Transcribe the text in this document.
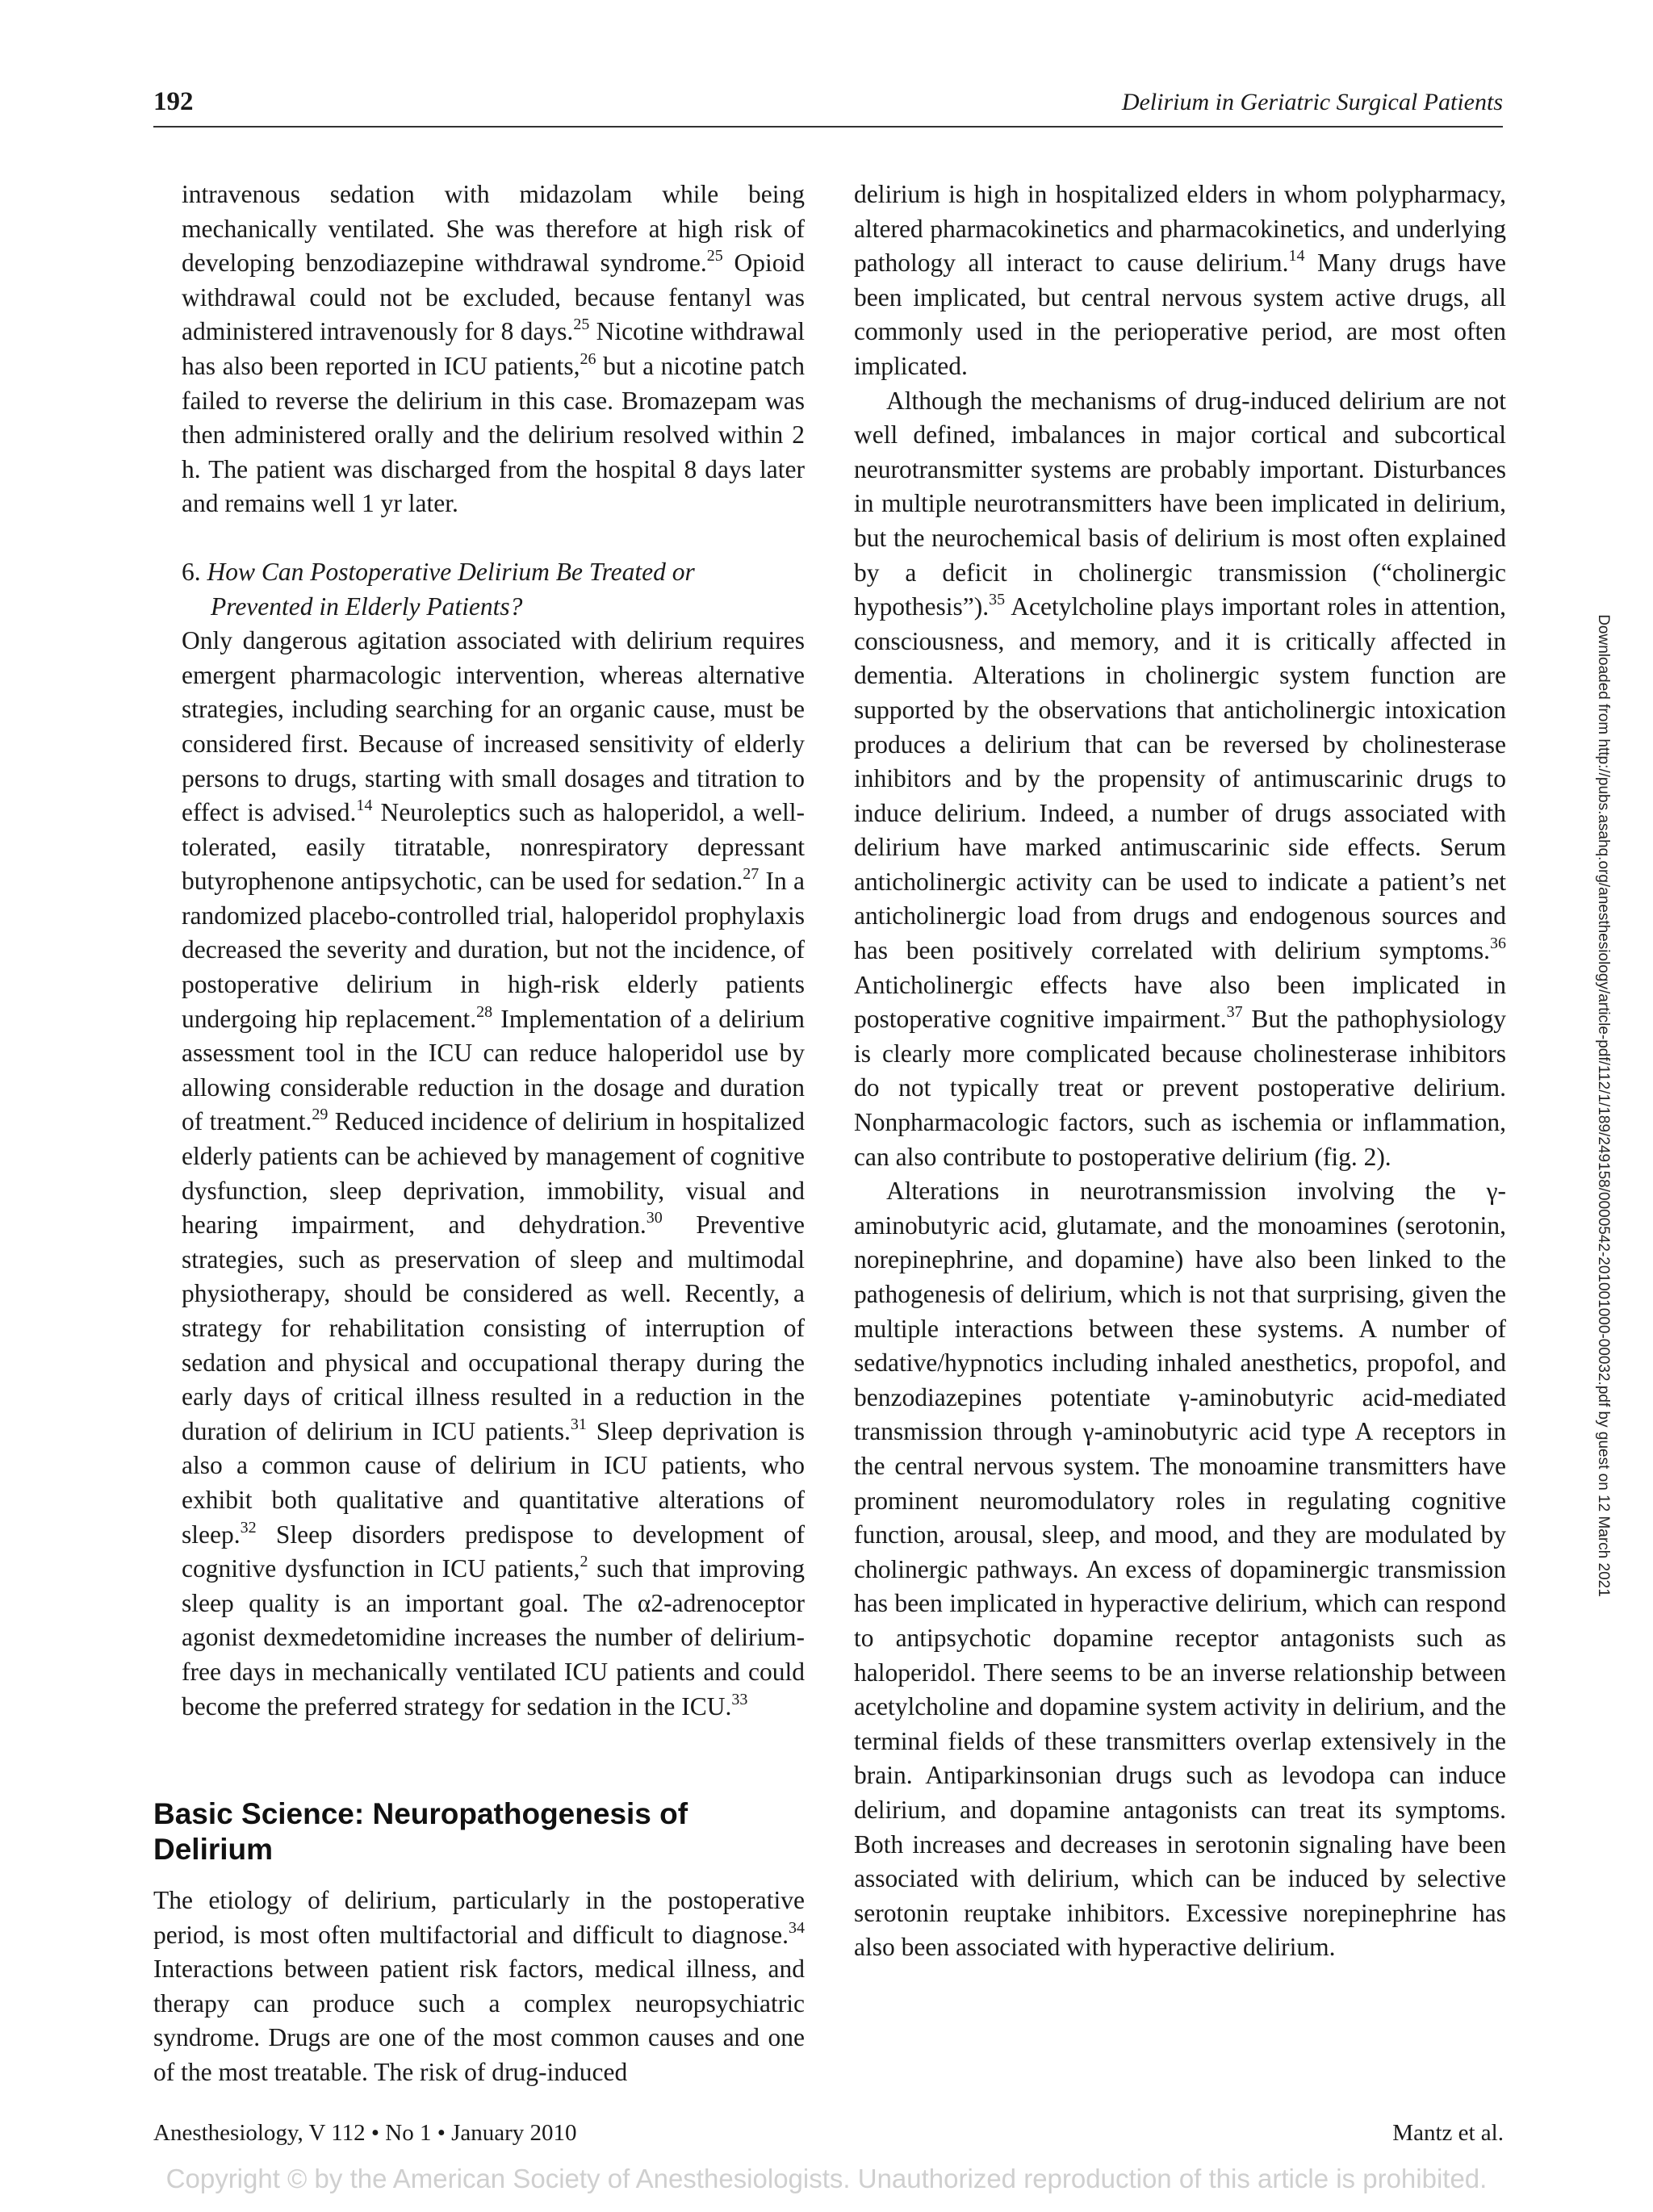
192	Delirium in Geriatric Surgical Patients

intravenous sedation with midazolam while being mechanically ventilated. She was therefore at high risk of developing benzodiazepine withdrawal syndrome.$^{25}$ Opioid withdrawal could not be excluded, because fentanyl was administered intravenously for 8 days.$^{25}$ Nicotine withdrawal has also been reported in ICU patients,$^{26}$ but a nicotine patch failed to reverse the delirium in this case. Bromazepam was then administered orally and the delirium resolved within 2 h. The patient was discharged from the hospital 8 days later and remains well 1 yr later.

6. How Can Postoperative Delirium Be Treated or
Prevented in Elderly Patients?

Only dangerous agitation associated with delirium requires emergent pharmacologic intervention, whereas alternative strategies, including searching for an organic cause, must be considered first. Because of increased sensitivity of elderly persons to drugs, starting with small dosages and titration to effect is advised.$^{14}$ Neuroleptics such as haloperidol, a well-tolerated, easily titratable, nonrespiratory depressant butyrophenone antipsychotic, can be used for sedation.$^{27}$ In a randomized placebo-controlled trial, haloperidol prophylaxis decreased the severity and duration, but not the incidence, of postoperative delirium in high-risk elderly patients undergoing hip replacement.$^{28}$ Implementation of a delirium assessment tool in the ICU can reduce haloperidol use by allowing considerable reduction in the dosage and duration of treatment.$^{29}$ Reduced incidence of delirium in hospitalized elderly patients can be achieved by management of cognitive dysfunction, sleep deprivation, immobility, visual and hearing impairment, and dehydration.$^{30}$ Preventive strategies, such as preservation of sleep and multimodal physiotherapy, should be considered as well. Recently, a strategy for rehabilitation consisting of interruption of sedation and physical and occupational therapy during the early days of critical illness resulted in a reduction in the duration of delirium in ICU patients.$^{31}$ Sleep deprivation is also a common cause of delirium in ICU patients, who exhibit both qualitative and quantitative alterations of sleep.$^{32}$ Sleep disorders predispose to development of cognitive dysfunction in ICU patients,$^2$ such that improving sleep quality is an important goal. The α2-adrenoceptor agonist dexmedetomidine increases the number of delirium-free days in mechanically ventilated ICU patients and could become the preferred strategy for sedation in the ICU.$^{33}$

Basic Science: Neuropathogenesis of Delirium

The etiology of delirium, particularly in the postoperative period, is most often multifactorial and difficult to diagnose.$^{34}$ Interactions between patient risk factors, medical illness, and therapy can produce such a complex neuropsychiatric syndrome. Drugs are one of the most common causes and one of the most treatable. The risk of drug-induced

delirium is high in hospitalized elders in whom polypharmacy, altered pharmacokinetics and pharmacokinetics, and underlying pathology all interact to cause delirium.$^{14}$ Many drugs have been implicated, but central nervous system active drugs, all commonly used in the perioperative period, are most often implicated.

Although the mechanisms of drug-induced delirium are not well defined, imbalances in major cortical and subcortical neurotransmitter systems are probably important. Disturbances in multiple neurotransmitters have been implicated in delirium, but the neurochemical basis of delirium is most often explained by a deficit in cholinergic transmission (“cholinergic hypothesis”).$^{35}$ Acetylcholine plays important roles in attention, consciousness, and memory, and it is critically affected in dementia. Alterations in cholinergic system function are supported by the observations that anticholinergic intoxication produces a delirium that can be reversed by cholinesterase inhibitors and by the propensity of antimuscarinic drugs to induce delirium. Indeed, a number of drugs associated with delirium have marked antimuscarinic side effects. Serum anticholinergic activity can be used to indicate a patient’s net anticholinergic load from drugs and endogenous sources and has been positively correlated with delirium symptoms.$^{36}$ Anticholinergic effects have also been implicated in postoperative cognitive impairment.$^{37}$ But the pathophysiology is clearly more complicated because cholinesterase inhibitors do not typically treat or prevent postoperative delirium. Nonpharmacologic factors, such as ischemia or inflammation, can also contribute to postoperative delirium (fig. 2).

Alterations in neurotransmission involving the γ-aminobutyric acid, glutamate, and the monoamines (serotonin, norepinephrine, and dopamine) have also been linked to the pathogenesis of delirium, which is not that surprising, given the multiple interactions between these systems. A number of sedative/hypnotics including inhaled anesthetics, propofol, and benzodiazepines potentiate γ-aminobutyric acid-mediated transmission through γ-aminobutyric acid type A receptors in the central nervous system. The monoamine transmitters have prominent neuromodulatory roles in regulating cognitive function, arousal, sleep, and mood, and they are modulated by cholinergic pathways. An excess of dopaminergic transmission has been implicated in hyperactive delirium, which can respond to antipsychotic dopamine receptor antagonists such as haloperidol. There seems to be an inverse relationship between acetylcholine and dopamine system activity in delirium, and the terminal fields of these transmitters overlap extensively in the brain. Antiparkinsonian drugs such as levodopa can induce delirium, and dopamine antagonists can treat its symptoms. Both increases and decreases in serotonin signaling have been associated with delirium, which can be induced by selective serotonin reuptake inhibitors. Excessive norepinephrine has also been associated with hyperactive delirium.

Anesthesiology, V 112 • No 1 • January 2010	Mantz et al.
Copyright © by the American Society of Anesthesiologists. Unauthorized reproduction of this article is prohibited.
Downloaded from http://pubs.asahq.org/anesthesiology/article-pdf/112/1/189/249158/0000542-201001000-00032.pdf by guest on 12 March 2021
